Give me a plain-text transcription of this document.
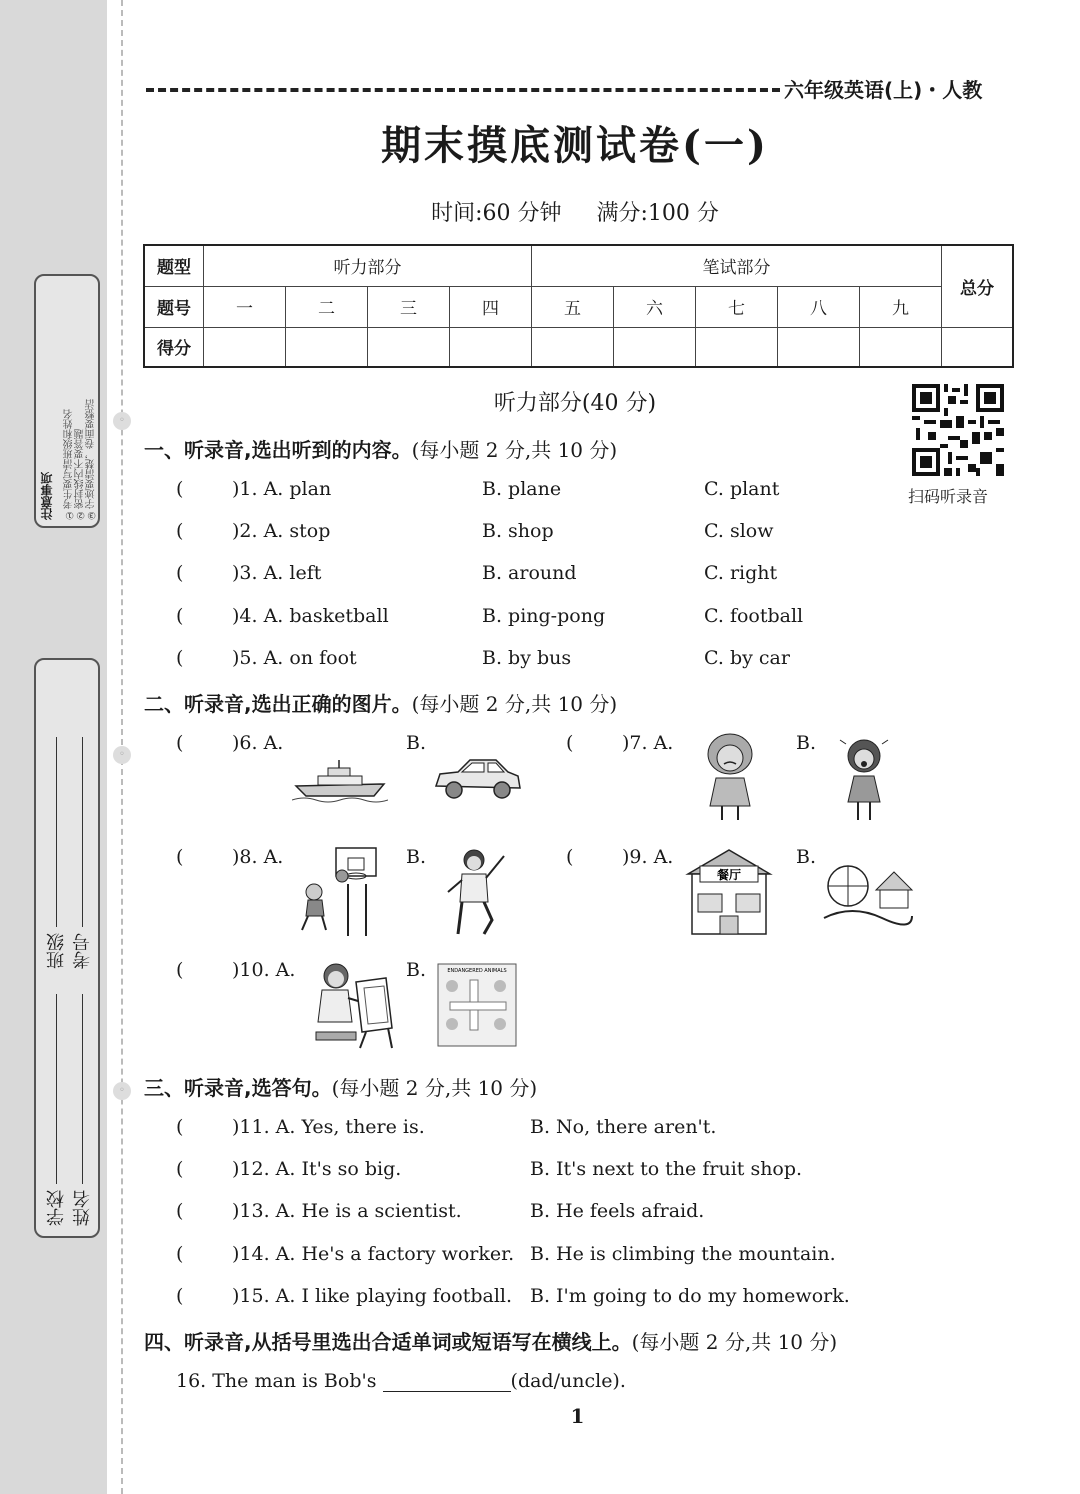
◦
◦
◦
注意事项	①考生要写清班级和姓名 ②密封线内不要答题 ③字迹要清楚，卷面要整洁
学校  班级
姓名  考号
六年级英语(上)・人教
期末摸底测试卷(一)
时间:60 分钟 满分:100 分
题型	听力部分				笔试部分					总分
题号	一	二	三	四	五	六	七	八	九	
得分										
听力部分(40 分)
扫码听录音
一、听录音,选出听到的内容。(每小题 2 分,共 10 分)
(	)1. A. plan	B. plane	C. plant
(	)2. A. stop	B. shop	C. slow
(	)3. A. left	B. around	C. right
(	)4. A. basketball	B. ping-pong	C. football
(	)5. A. on foot	B. by bus	C. by car
二、听录音,选出正确的图片。(每小题 2 分,共 10 分)
(	)6. A.	B.	(	)7. A.	B.
(	)8. A.	B.	(	)9. A.	B.
(	)10. A.	B.
餐厅
ENDANGERED ANIMALS
三、听录音,选答句。(每小题 2 分,共 10 分)
(	)11. A. Yes, there is.	B. No, there aren't.
(	)12. A. It's so big.	B. It's next to the fruit shop.
(	)13. A. He is a scientist.	B. He feels afraid.
(	)14. A. He's a factory worker. B. He is climbing the mountain.
(	)15. A. I like playing football. B. I'm going to do my homework.
四、听录音,从括号里选出合适单词或短语写在横线上。(每小题 2 分,共 10 分)
16. The man is Bob's	(dad/uncle).
1
